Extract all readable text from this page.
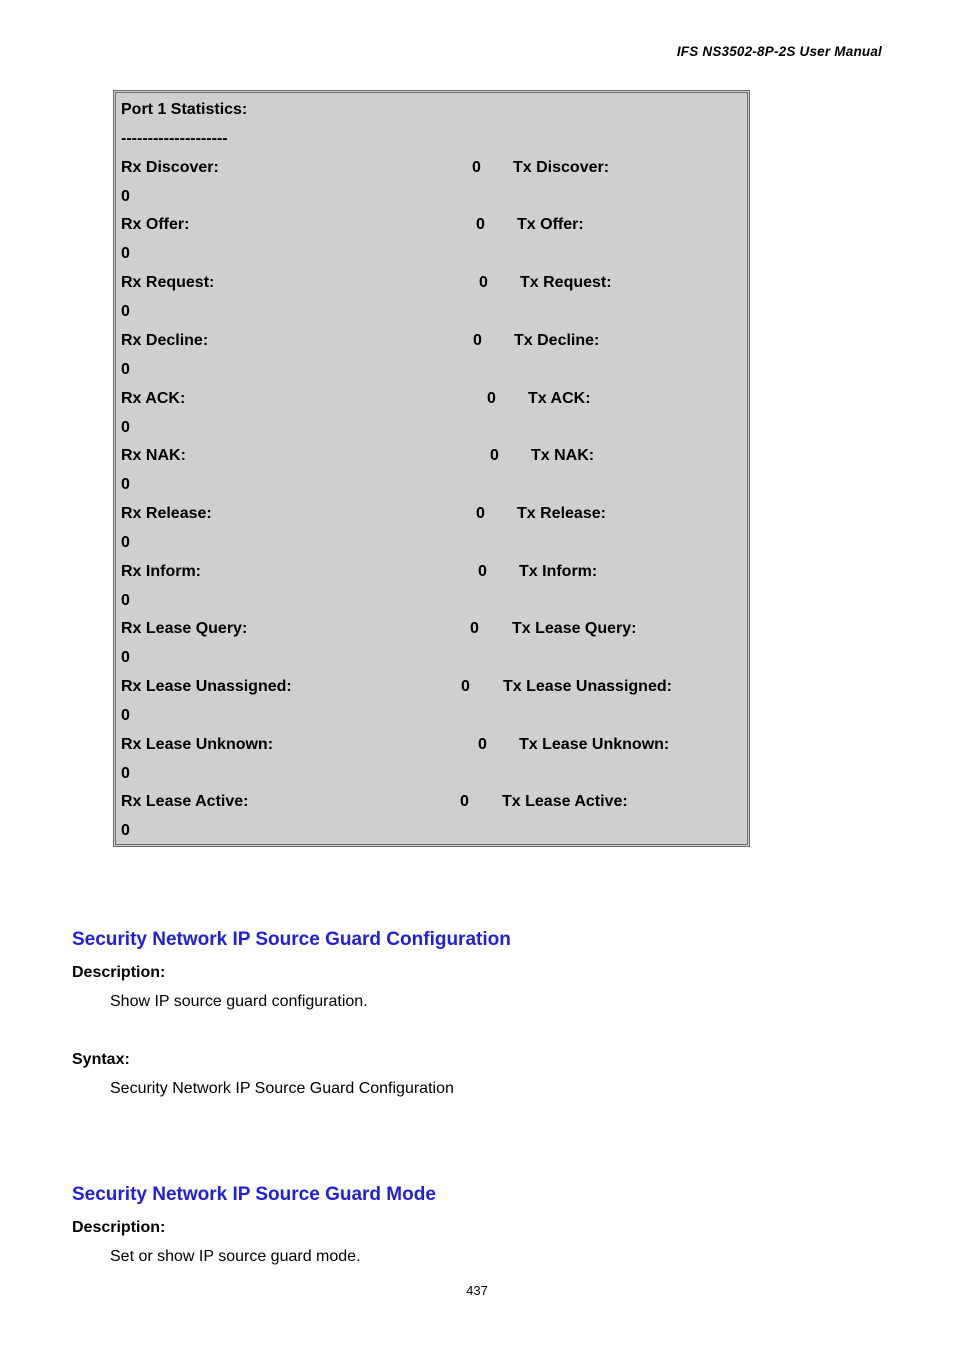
IFS NS3502-8P-2S User Manual
Port 1 Statistics:
--------------------
Rx Discover:	0 Tx Discover:
0
Rx Offer:	0 Tx Offer:
0
Rx Request:	0 Tx Request:
0
Rx Decline:	0 Tx Decline:
0
Rx ACK:	0 Tx ACK:
0
Rx NAK:	0 Tx NAK:
0
Rx Release:	0 Tx Release:
0
Rx Inform:	0 Tx Inform:
0
Rx Lease Query:	0 Tx Lease Query:
0
Rx Lease Unassigned:	0 Tx Lease Unassigned:
0
Rx Lease Unknown:	0 Tx Lease Unknown:
0
Rx Lease Active:	0 Tx Lease Active:
0
Security Network IP Source Guard Configuration
Description:
Show IP source guard configuration.
Syntax:
Security Network IP Source Guard Configuration
Security Network IP Source Guard Mode
Description:
Set or show IP source guard mode.
437
